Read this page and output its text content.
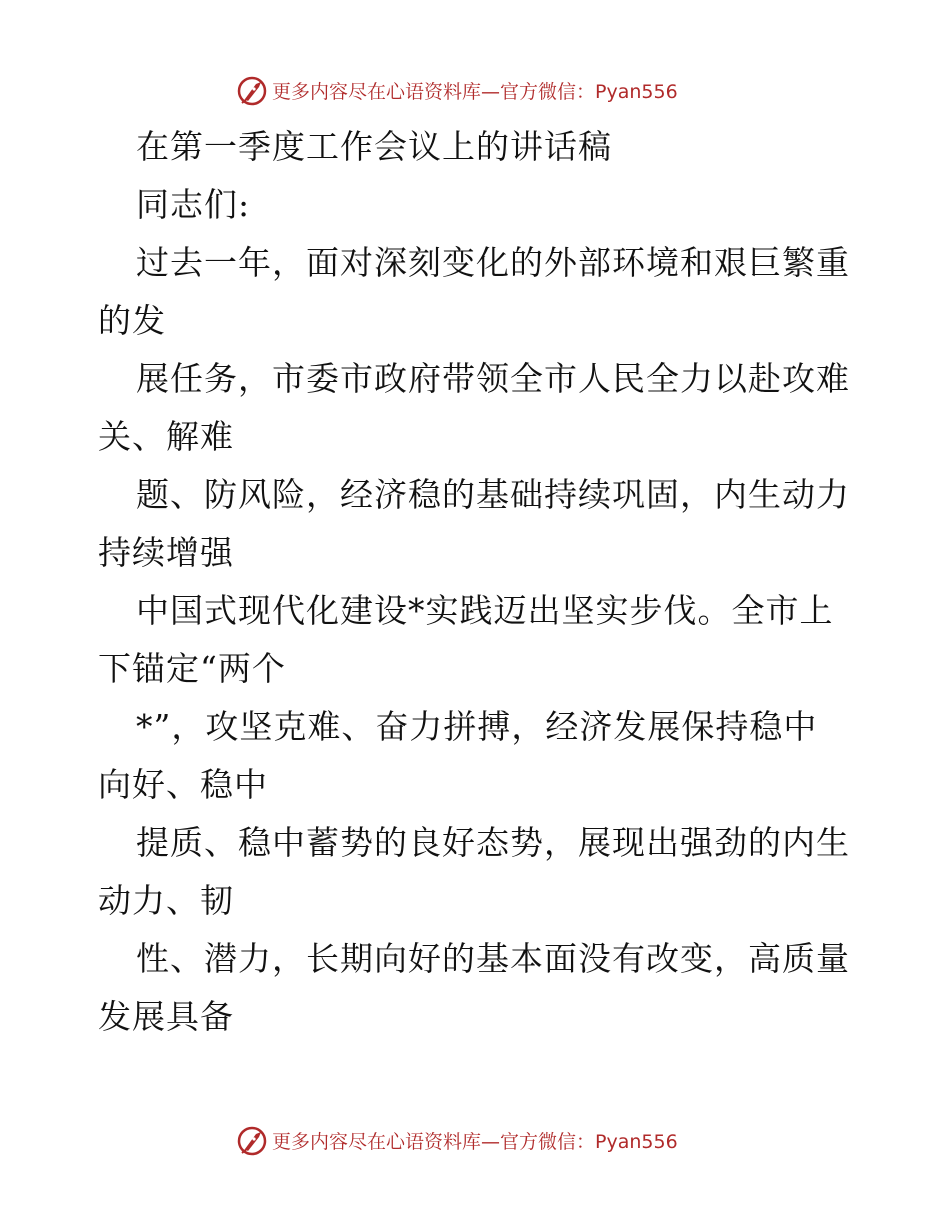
更多内容尽在心语资料库—官方微信：Pyan556
在第一季度工作会议上的讲话稿
同志们:
过去一年，面对深刻变化的外部环境和艰巨繁重
的发
展任务，市委市政府带领全市人民全力以赴攻难
关、解难
题、防风险，经济稳的基础持续巩固，内生动力
持续增强
中国式现代化建设*实践迈出坚实步伐。全市上
下锚定“两个
*”，攻坚克难、奋力拼搏，经济发展保持稳中
向好、稳中
提质、稳中蓄势的良好态势，展现出强劲的内生
动力、韧
性、潜力，长期向好的基本面没有改变，高质量
发展具备
更多内容尽在心语资料库—官方微信：Pyan556
